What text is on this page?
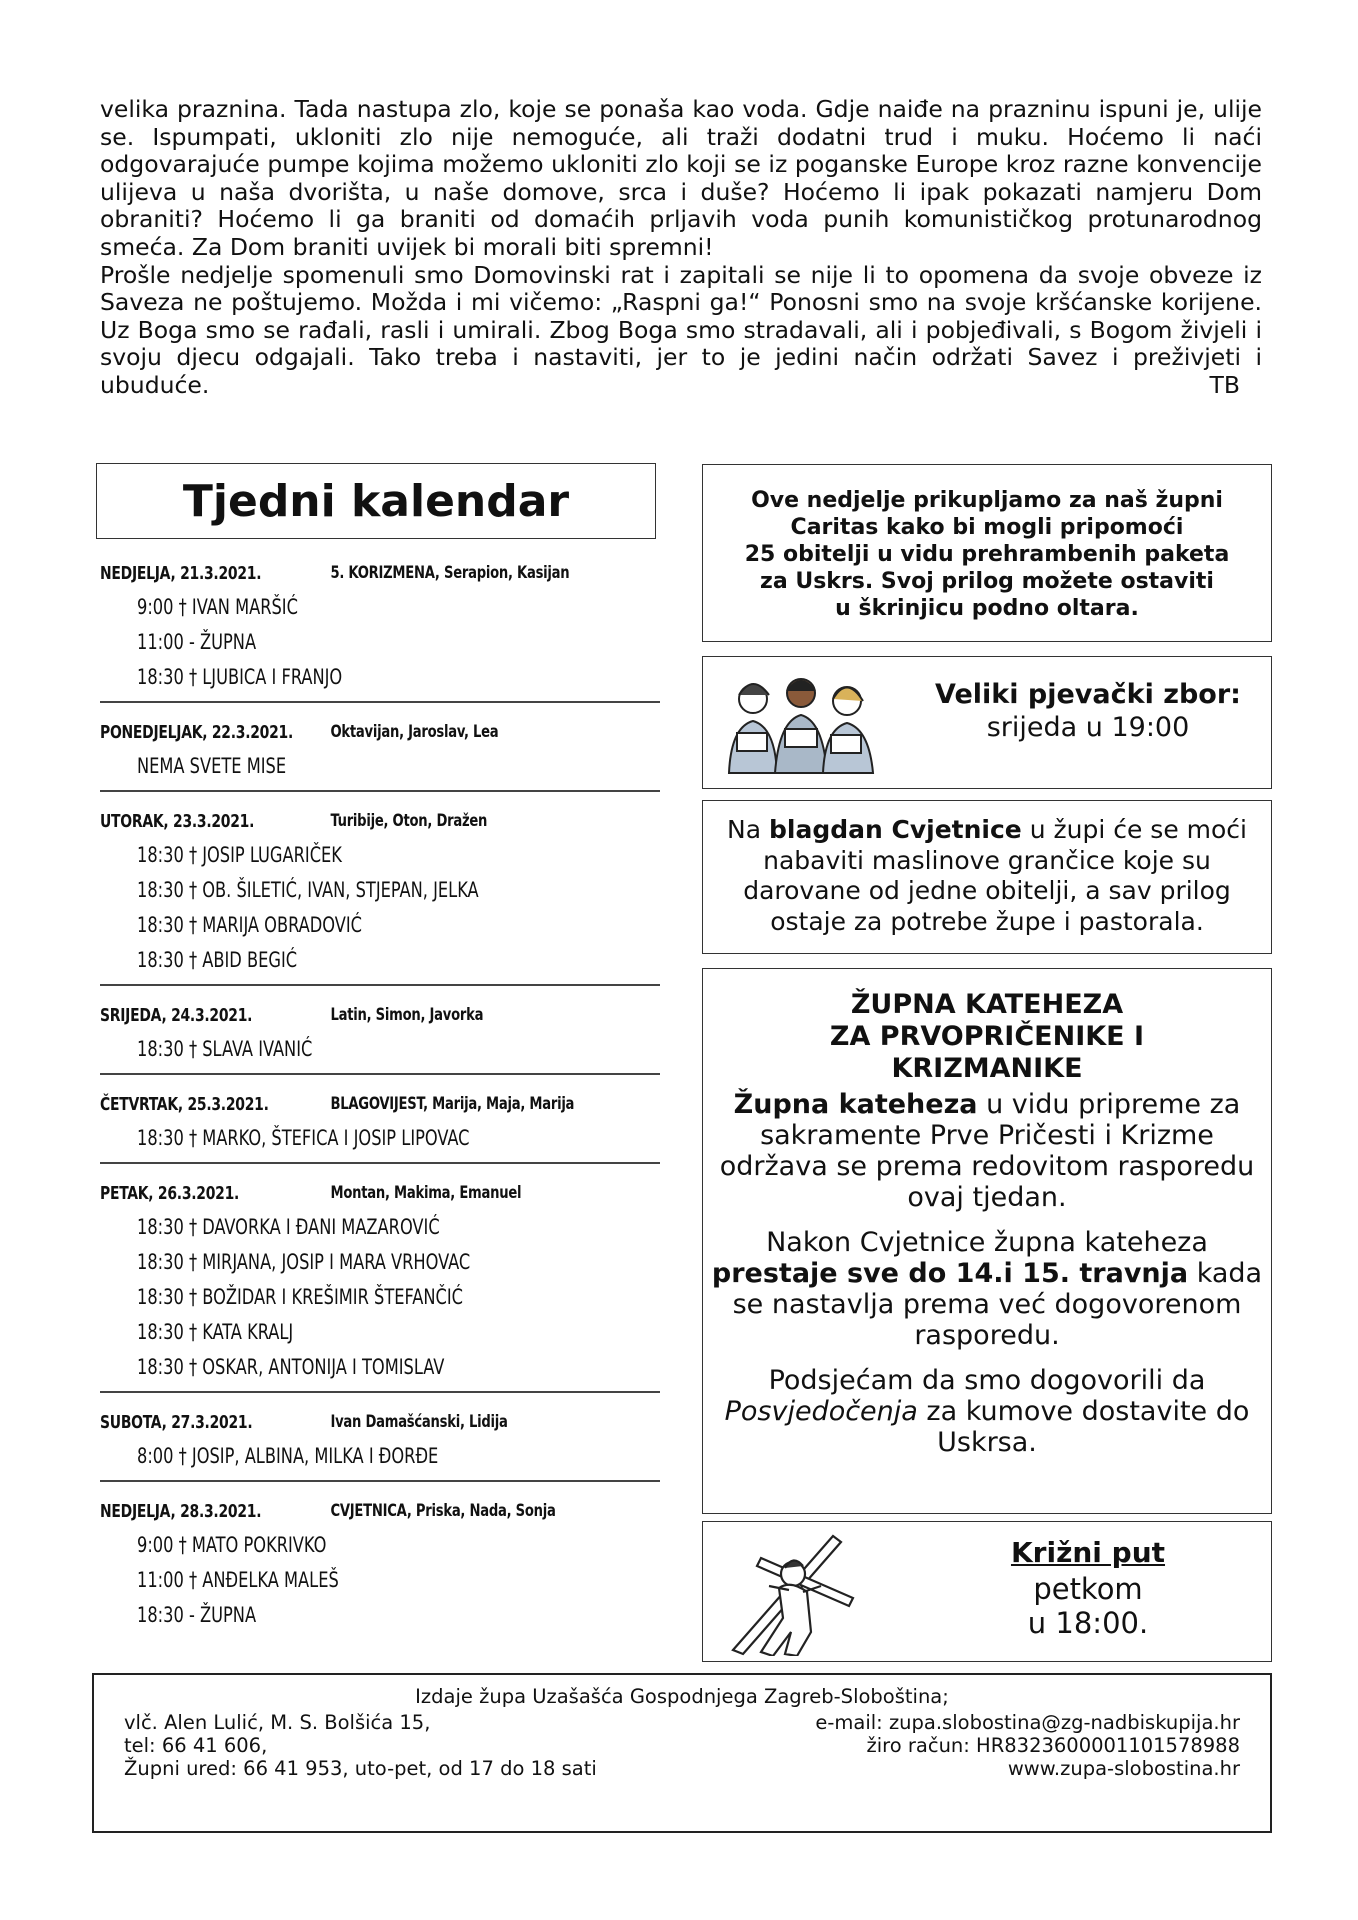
velika praznina. Tada nastupa zlo, koje se ponaša kao voda. Gdje naiđe na prazninu ispuni je, ulije se. Ispumpati, ukloniti zlo nije nemoguće, ali traži dodatni trud i muku. Hoćemo li naći odgovarajuće pumpe kojima možemo ukloniti zlo koji se iz poganske Europe kroz razne konvencije ulijeva u naša dvorišta, u naše domove, srca i duše? Hoćemo li ipak pokazati namjeru Dom obraniti? Hoćemo li ga braniti od domaćih prljavih voda punih komunističkog protunarodnog smeća. Za Dom braniti uvijek bi morali biti spremni!

Prošle nedjelje spomenuli smo Domovinski rat i zapitali se nije li to opomena da svoje obveze iz Saveza ne poštujemo. Možda i mi vičemo: „Raspni ga!“ Ponosni smo na svoje kršćanske korijene. Uz Boga smo se rađali, rasli i umirali. Zbog Boga smo stradavali, ali i pobjeđivali, s Bogom živjeli i svoju djecu odgajali. Tako treba i nastaviti, jer to je jedini način održati Savez i preživjeti i ubuduće.	TB
Tjedni kalendar
NEDJELJA, 21.3.2021.	5. KORIZMENA, Serapion, Kasijan
9:00 † IVAN MARŠIĆ
11:00 - ŽUPNA
18:30 † LJUBICA I FRANJO
PONEDJELJAK, 22.3.2021.	Oktavijan, Jaroslav, Lea
NEMA SVETE MISE
UTORAK, 23.3.2021.	Turibije, Oton, Dražen
18:30 † JOSIP LUGARIČEK
18:30 † OB. ŠILETIĆ, IVAN, STJEPAN, JELKA
18:30 † MARIJA OBRADOVIĆ
18:30 † ABID BEGIĆ
SRIJEDA, 24.3.2021.	Latin, Simon, Javorka
18:30 † SLAVA IVANIĆ
ČETVRTAK, 25.3.2021.	BLAGOVIJEST, Marija, Maja, Marija
18:30 † MARKO, ŠTEFICA I JOSIP LIPOVAC
PETAK, 26.3.2021.	Montan, Makima, Emanuel
18:30 † DAVORKA I ĐANI MAZAROVIĆ
18:30 † MIRJANA, JOSIP I MARA VRHOVAC
18:30 † BOŽIDAR I KREŠIMIR ŠTEFANČIĆ
18:30 † KATA KRALJ
18:30 † OSKAR, ANTONIJA I TOMISLAV
SUBOTA, 27.3.2021.	Ivan Damašćanski, Lidija
8:00 † JOSIP, ALBINA, MILKA I ĐORĐE
NEDJELJA, 28.3.2021.	CVJETNICA, Priska, Nada, Sonja
9:00 † MATO POKRIVKO
11:00 † ANĐELKA MALEŠ
18:30 - ŽUPNA
Ove nedjelje prikupljamo za naš župni
Caritas kako bi mogli pripomoći
25 obitelji u vidu prehrambenih paketa
za Uskrs. Svoj prilog možete ostaviti
u škrinjicu podno oltara.
Veliki pjevački zbor:
srijeda u 19:00
Na blagdan Cvjetnice u župi će se moći nabaviti maslinove grančice koje su darovane od jedne obitelji, a sav prilog ostaje za potrebe župe i pastorala.
ŽUPNA KATEHEZA
ZA PRVOPRIČENIKE I
KRIZMANIKE

Župna kateheza u vidu pripreme za sakramente Prve Pričesti i Krizme održava se prema redovitom rasporedu ovaj tjedan.

Nakon Cvjetnice župna kateheza prestaje sve do 14.i 15. travnja kada se nastavlja prema već dogovorenom rasporedu.

Podsjećam da smo dogovorili da Posvjedočenja za kumove dostavite do Uskrsa.

Križni put
petkom
u 18:00.
Izdaje župa Uzašašća Gospodnjega Zagreb-Sloboština;
vlč. Alen Lulić, M. S. Bolšića 15,
tel: 66 41 606,
Župni ured: 66 41 953, uto-pet, od 17 do 18 sati
e-mail: zupa.slobostina@zg-nadbiskupija.hr
žiro račun: HR8323600001101578988
www.zupa-slobostina.hr
